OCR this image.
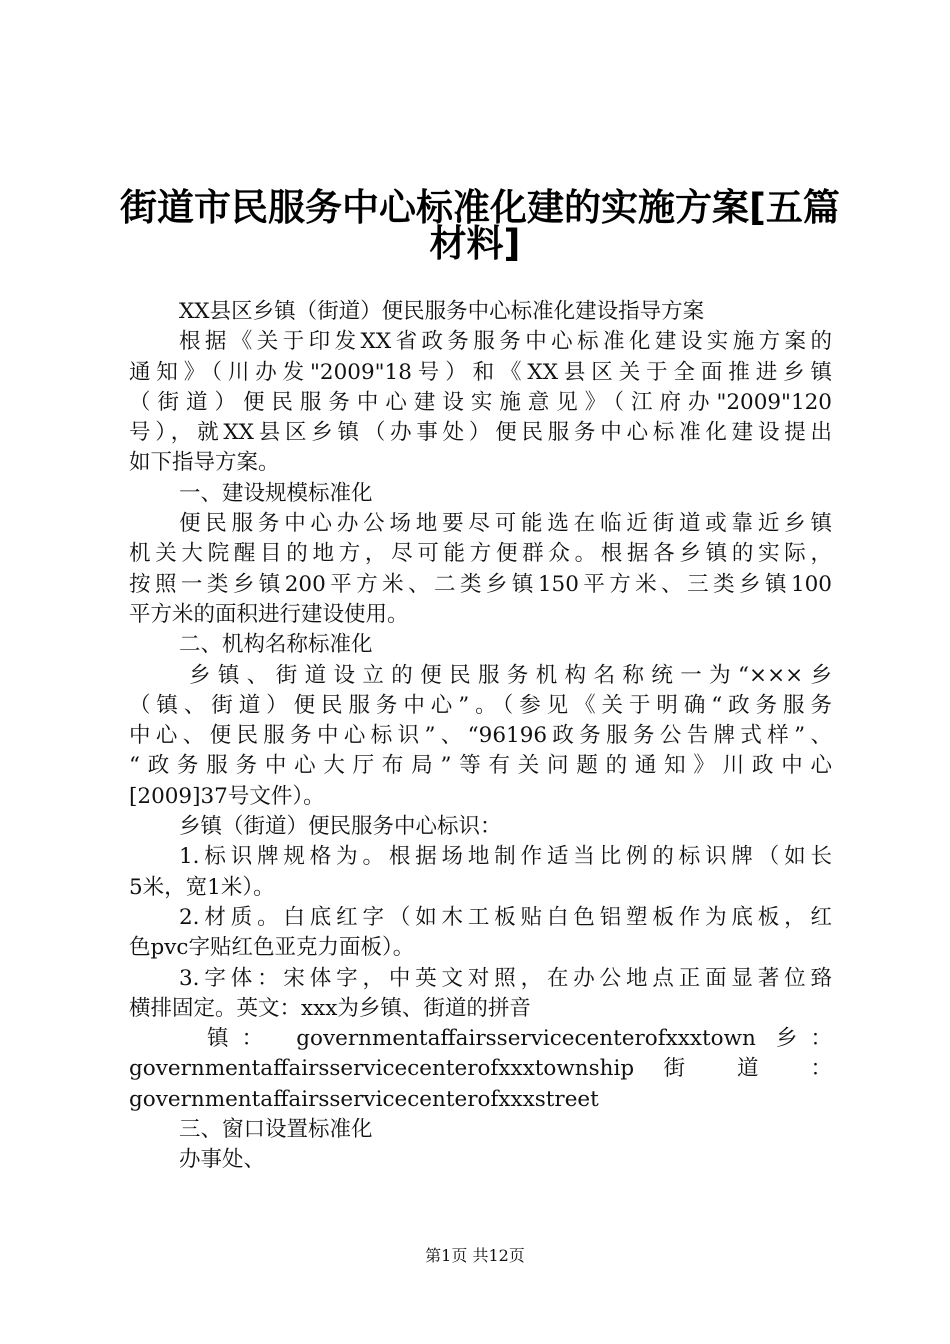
街道市民服务中心标准化建的实施方案[五篇
材料]
XX县区乡镇（街道）便民服务中心标准化建设指导方案
根据《关于印发XX省政务服务中心标准化建设实施方案的
通知》（川办发"2009"18号）和《XX县区关于全面推进乡镇
（街道）便民服务中心建设实施意见》（江府办"2009"120
号），就XX县区乡镇（办事处）便民服务中心标准化建设提出
如下指导方案。
一、建设规模标准化
便民服务中心办公场地要尽可能选在临近街道或靠近乡镇
机关大院醒目的地方，尽可能方便群众。根据各乡镇的实际，
按照一类乡镇200平方米、二类乡镇150平方米、三类乡镇100
平方米的面积进行建设使用。
二、机构名称标准化
乡镇、街道设立的便民服务机构名称统一为“×××乡
（镇、街道）便民服务中心”。（参见《关于明确“政务服务
中心、便民服务中心标识”、“96196政务服务公告牌式样”、
“政务服务中心大厅布局”等有关问题的通知》川政中心
[2009]37号文件）。
乡镇（街道）便民服务中心标识：
1.标识牌规格为。根据场地制作适当比例的标识牌（如长
5米，宽1米）。
2.材质。白底红字（如木工板贴白色铝塑板作为底板，红
色pvc字贴红色亚克力面板）。
3.字体：宋体字，中英文对照，在办公地点正面显著位臵
横排固定。英文：xxx为乡镇、街道的拼音
镇： governmentaffairsservicecenterofxxxtown 乡：
governmentaffairsservicecenterofxxxtownship 街 道 ：
governmentaffairsservicecenterofxxxstreet
三、窗口设置标准化
办事处、
第1页 共12页
